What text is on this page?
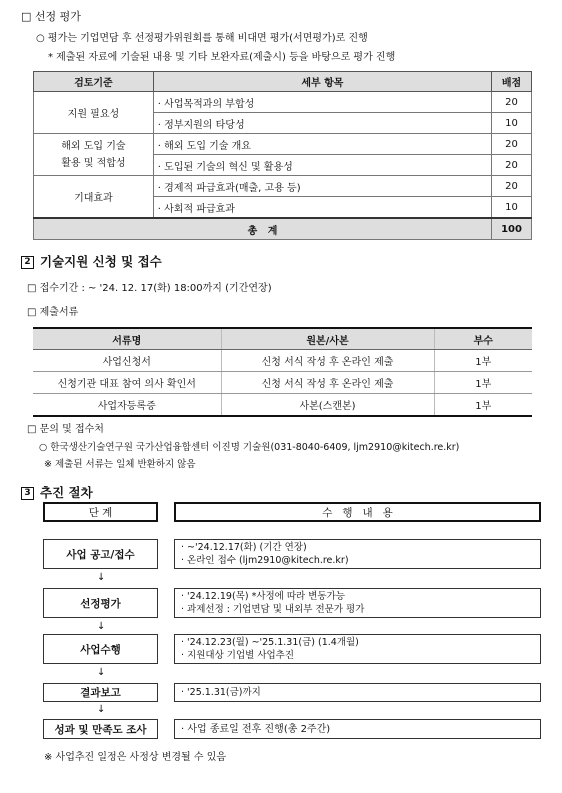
□ 선정 평가
○ 평가는 기업면담 후 선정평가위원회를 통해 비대면 평가(서면평가)로 진행
* 제출된 자료에 기술된 내용 및 기타 보완자료(제출시) 등을 바탕으로 평가 진행
검토기준	세부 항목	배점
지원 필요성	· 사업목적과의 부합성	20
	· 정부지원의 타당성	10

해외 도입 기술
활용 및 적합성	· 해외 도입 기술 개요	20
	· 도입된 기술의 혁신 및 활용성	20
기대효과	· 경제적 파급효과(매출, 고용 등)	20
	· 사회적 파급효과	10
총   계		100
2 기술지원 신청 및 접수
□ 접수기간 : ~ '24. 12. 17(화) 18:00까지 (기간연장)
□ 제출서류
서류명	원본/사본	부수
사업신청서	신청 서식 작성 후 온라인 제출	1부
신청기관 대표 참여 의사 확인서	신청 서식 작성 후 온라인 제출	1부
사업자등록증	사본(스캔본)	1부
□ 문의 및 접수처
○ 한국생산기술연구원 국가산업융합센터 이진명 기술원(031-8040-6409, ljm2910@kitech.re.kr)
※ 제출된 서류는 일체 반환하지 않음
3 추진 절차
단 계	수   행   내   용
사업 공고/접수
· ~'24.12.17(화) (기간 연장)
· 온라인 접수 (ljm2910@kitech.re.kr)
↓
선정평가
· '24.12.19(목) *사정에 따라 변동가능
· 과제선정 : 기업면담 및 내외부 전문가 평가
↓
사업수행
· '24.12.23(월) ~'25.1.31(금) (1.4개월)
· 지원대상 기업별 사업추진
↓
결과보고	· '25.1.31(금)까지
↓
성과 및 만족도 조사	· 사업 종료일 전후 진행(총 2주간)
※ 사업추진 일정은 사정상 변경될 수 있음
